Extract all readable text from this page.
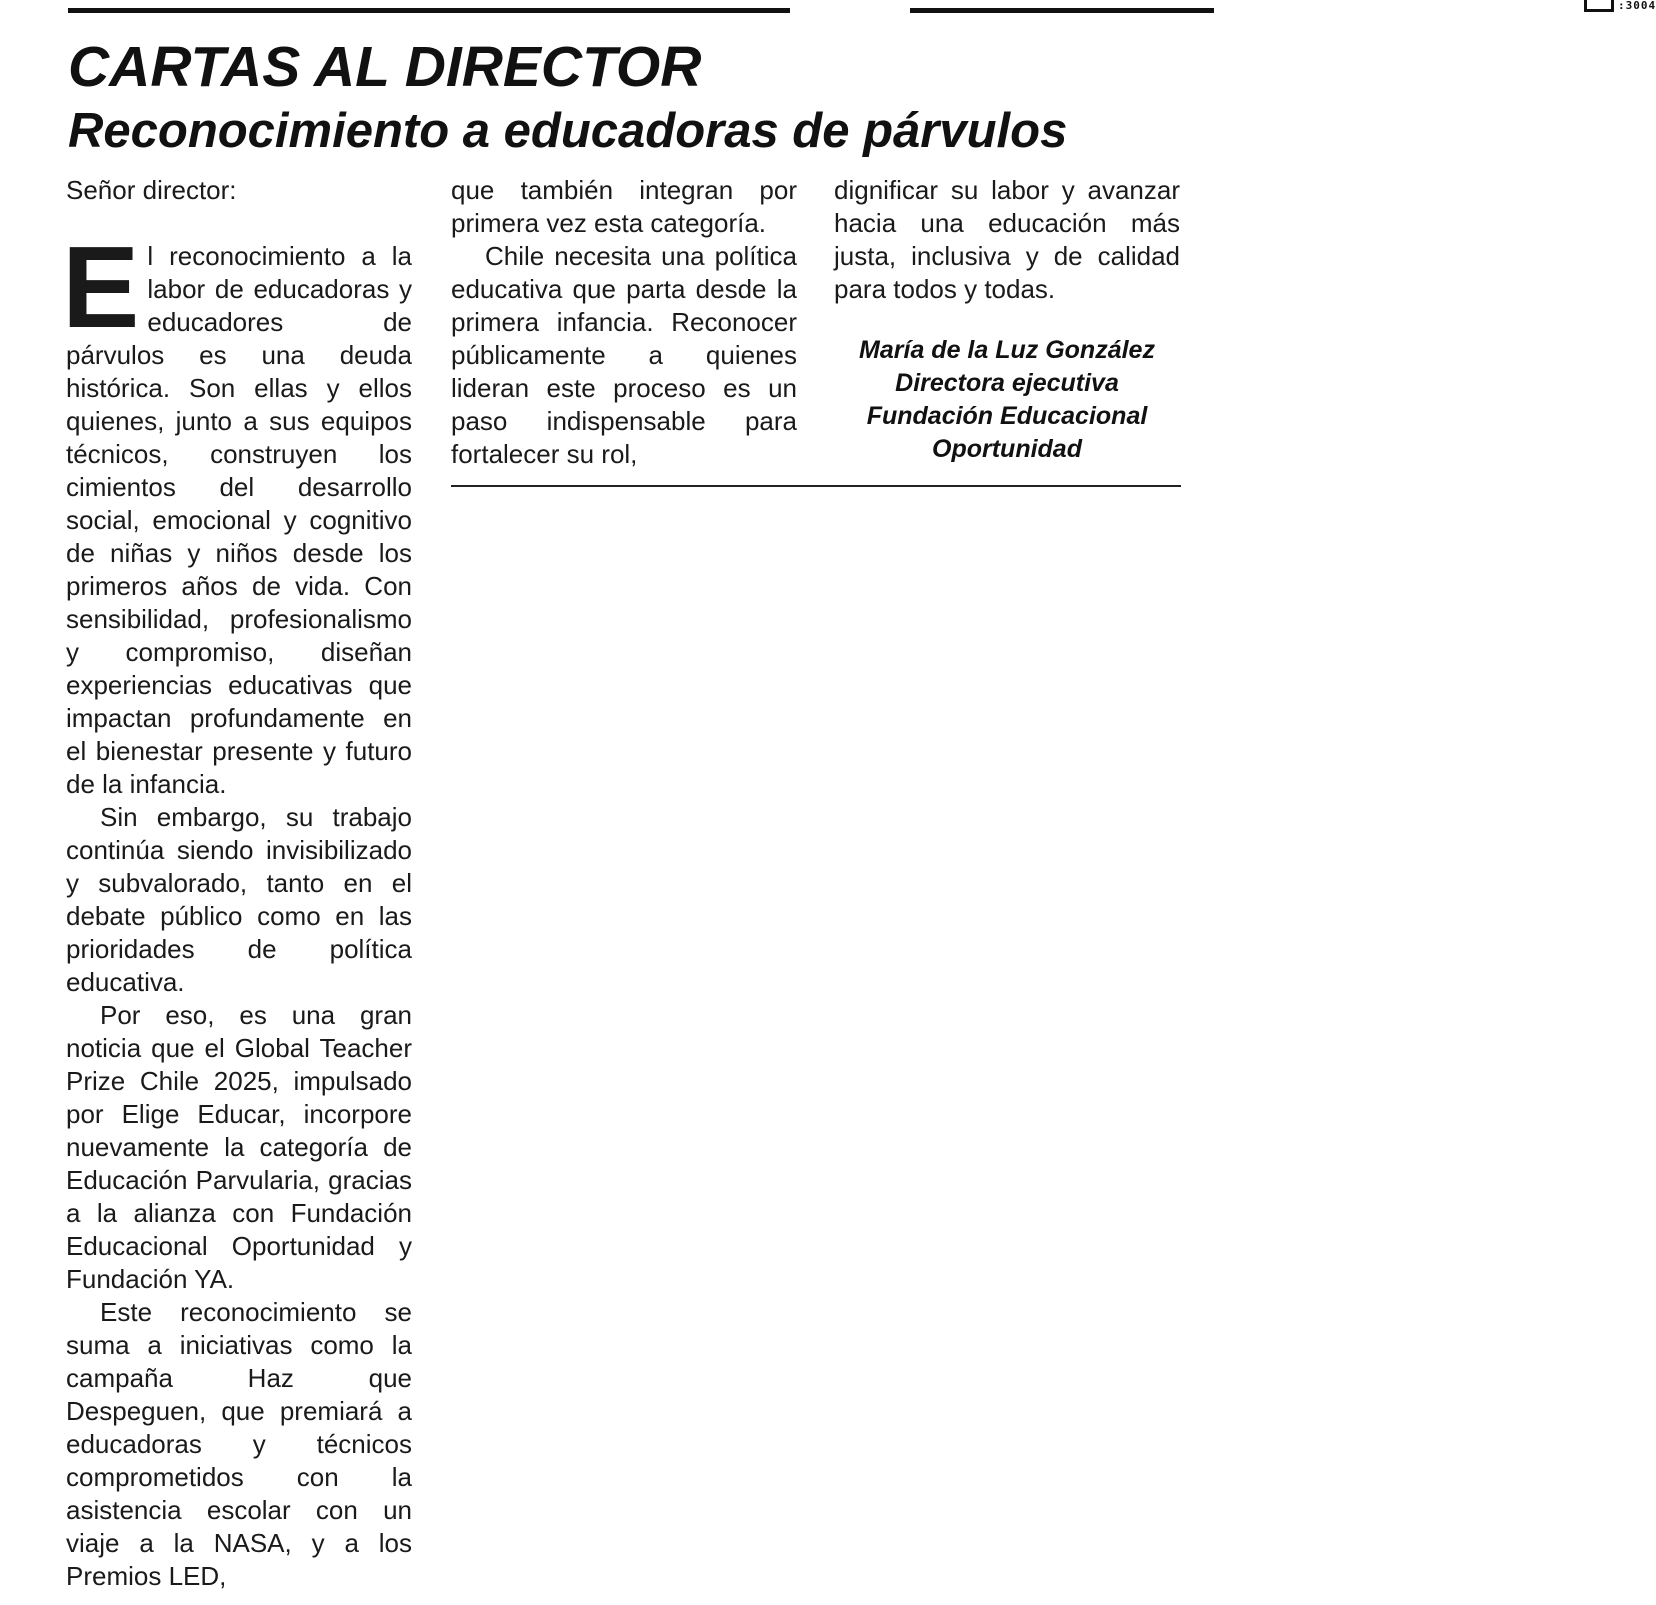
:3004
CARTAS AL DIRECTOR
Reconocimiento a educadoras de párvulos

Señor director:

El reconocimiento a la labor de educadoras y educadores de párvulos es una deuda histórica. Son ellas y ellos quienes, junto a sus equipos técnicos, construyen los cimientos del desarrollo social, emocional y cognitivo de niñas y niños desde los primeros años de vida. Con sensibilidad, profesionalismo y compromiso, diseñan experiencias educativas que impactan profundamente en el bienestar presente y futuro de la infancia.

Sin embargo, su trabajo continúa siendo invisibilizado y subvalorado, tanto en el debate público como en las prioridades de política educativa.

Por eso, es una gran noticia que el Global Teacher Prize Chile 2025, impulsado por Elige Educar, incorpore nuevamente la categoría de Educación Parvularia, gracias a la alianza con Fundación Educacional Oportunidad y Fundación YA.

Este reconocimiento se suma a iniciativas como la campaña Haz que Despeguen, que premiará a educadoras y técnicos comprometidos con la asistencia escolar con un viaje a la NASA, y a los Premios LED,

que también integran por primera vez esta categoría.

Chile necesita una política educativa que parta desde la primera infancia. Reconocer públicamente a quienes lideran este proceso es un paso indispensable para fortalecer su rol,

dignificar su labor y avanzar hacia una educación más justa, inclusiva y de calidad para todos y todas.

María de la Luz González
Directora ejecutiva
Fundación Educacional
Oportunidad
